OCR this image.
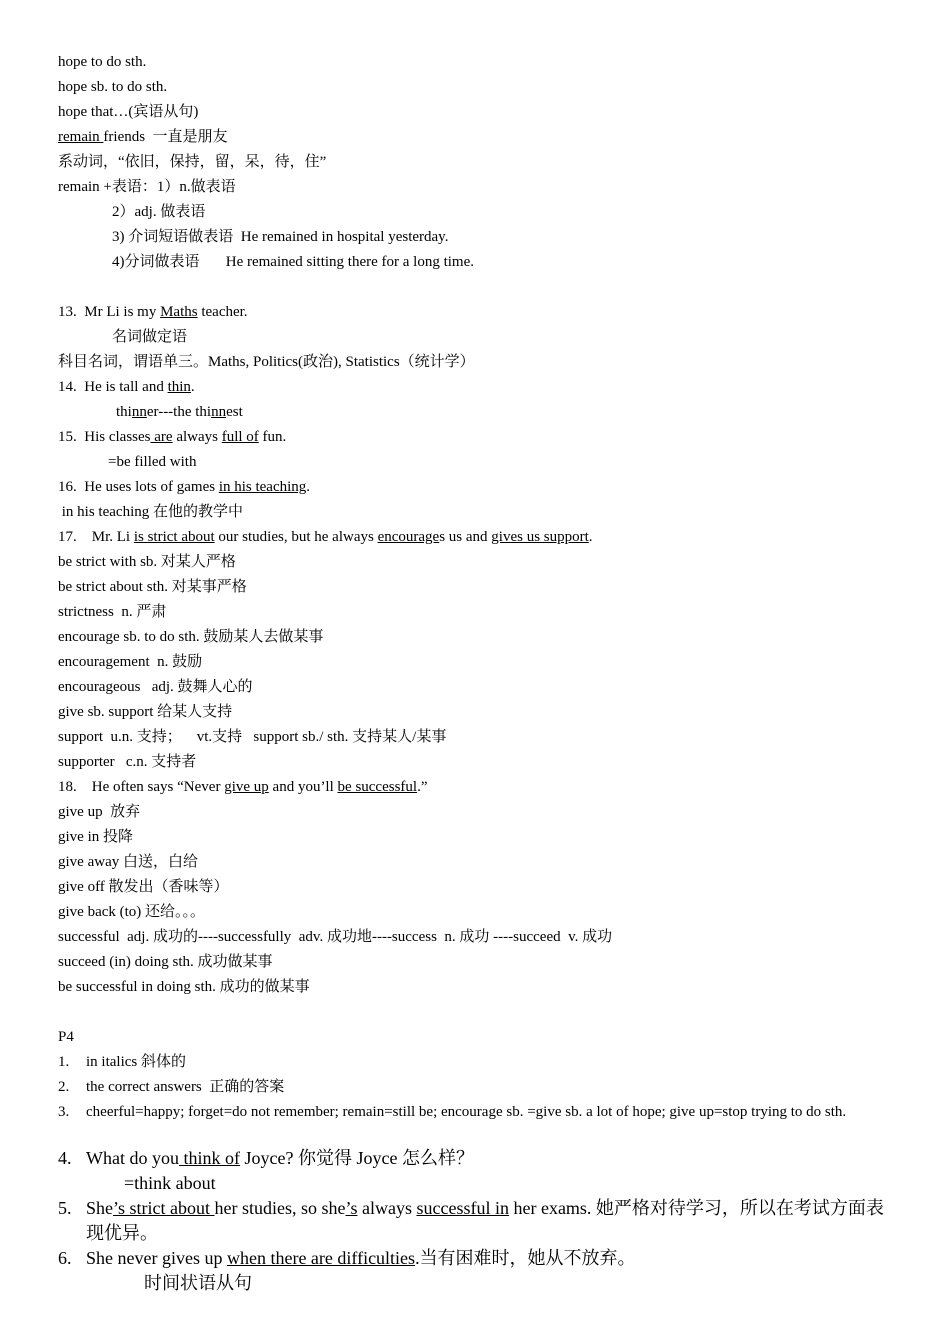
hope to do sth.
hope sb. to do sth.
hope that…(宾语从句)
remain friends  一直是朋友
系动词，“依旧，保持，留，呆，待，住”
remain +表语：1）n.做表语
2）adj. 做表语
3) 介词短语做表语  He remained in hospital yesterday.
4)分词做表语       He remained sitting there for a long time.
13.  Mr Li is my Maths teacher.
名词做定语
科目名词，谓语单三。Maths, Politics(政治), Statistics（统计学）
14.  He is tall and thin.
thinner---the thinnest
15.  His classes are always full of fun.
=be filled with
16.  He uses lots of games in his teaching.
in his teaching 在他的教学中
17.    Mr. Li is strict about our studies, but he always encourages us and gives us support.
be strict with sb. 对某人严格
be strict about sth. 对某事严格
strictness  n. 严肃
encourage sb. to do sth. 鼓励某人去做某事
encouragement  n. 鼓励
encourageous   adj. 鼓舞人心的
give sb. support 给某人支持
support  u.n. 支持；    vt.支持   support sb./ sth. 支持某人/某事
supporter   c.n. 支持者
18.    He often says “Never give up and you’ll be successful.”
give up  放弃
give in 投降
give away 白送，白给
give off 散发出（香味等）
give back (to) 还给。。。
successful  adj. 成功的----successfully  adv. 成功地----success  n. 成功 ----succeed  v. 成功
succeed (in) doing sth. 成功做某事
be successful in doing sth. 成功的做某事
P4
1. in italics 斜体的
2. the correct answers  正确的答案
3.	cheerful=happy; forget=do not remember; remain=still be; encourage sb. =give sb. a lot of hope; give up=stop trying to do sth.
4. What do you think of Joyce? 你觉得 Joyce 怎么样？
=think about
5. She’s strict about her studies, so she’s always successful in her exams. 她严格对待学习，所以在考试方面表现优异。
6. She never gives up when there are difficulties.当有困难时，她从不放弃。
时间状语从句
